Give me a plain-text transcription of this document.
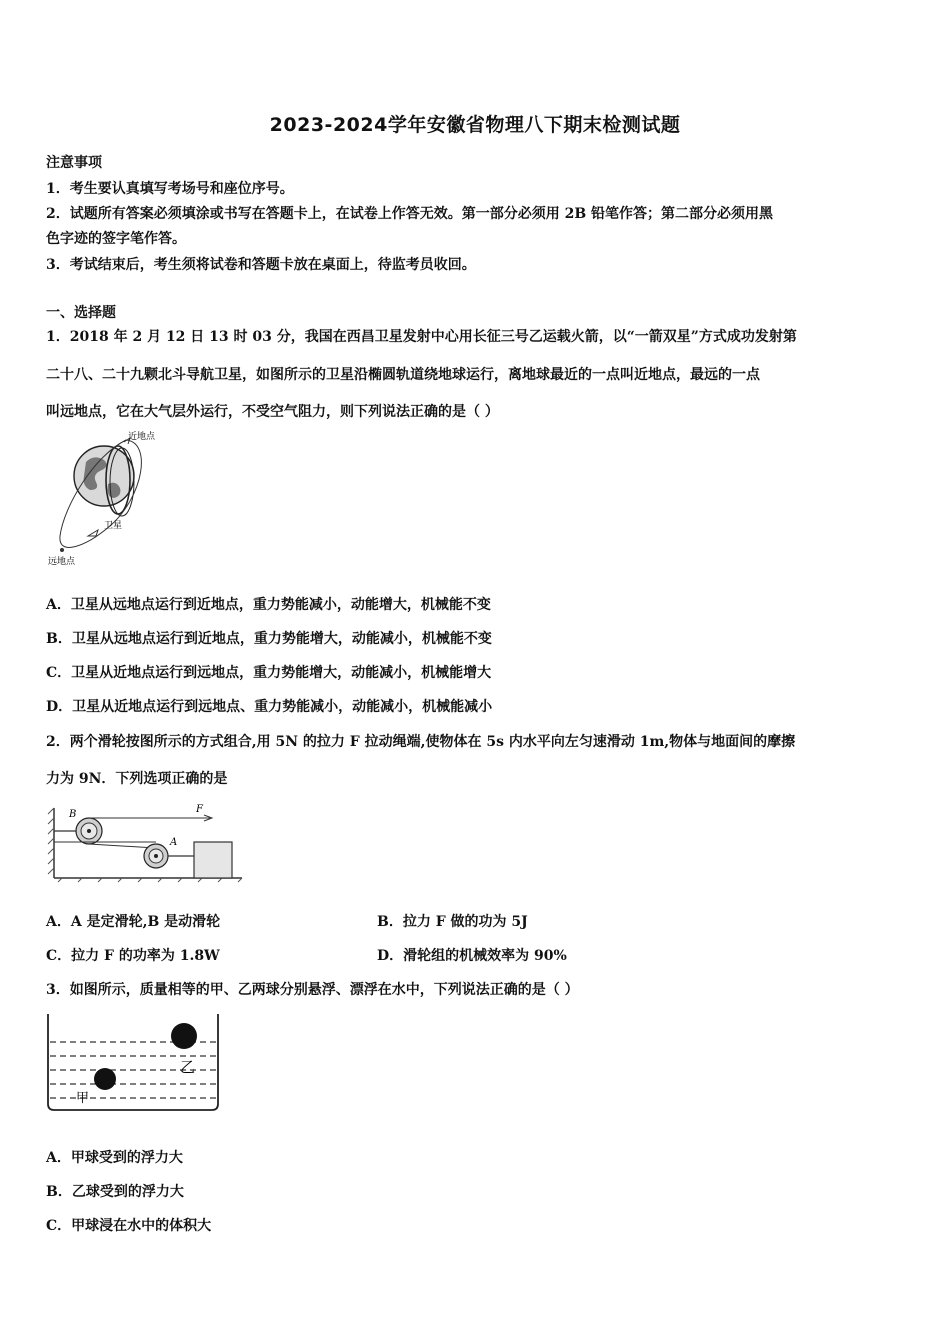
2023-2024学年安徽省物理八下期末检测试题
注意事项
1．考生要认真填写考场号和座位序号。
2．试题所有答案必须填涂或书写在答题卡上，在试卷上作答无效。第一部分必须用 2B 铅笔作答；第二部分必须用黑
色字迹的签字笔作答。
3．考试结束后，考生须将试卷和答题卡放在桌面上，待监考员收回。
一、选择题
1．2018 年 2 月 12 日 13 时 03 分，我国在西昌卫星发射中心用长征三号乙运载火箭，以“一箭双星”方式成功发射第
二十八、二十九颗北斗导航卫星，如图所示的卫星沿椭圆轨道绕地球运行，离地球最近的一点叫近地点，最远的一点
叫远地点，它在大气层外运行，不受空气阻力，则下列说法正确的是（ ）
近地点
卫星
远地点
A．卫星从远地点运行到近地点，重力势能减小，动能增大，机械能不变
B．卫星从远地点运行到近地点，重力势能增大，动能减小，机械能不变
C．卫星从近地点运行到远地点，重力势能增大，动能减小，机械能增大
D．卫星从近地点运行到远地点、重力势能减小，动能减小，机械能减小
2．两个滑轮按图所示的方式组合,用 5N 的拉力 F 拉动绳端,使物体在 5s 内水平向左匀速滑动 1m,物体与地面间的摩擦
力为 9N．下列选项正确的是
B
A
F
A．A 是定滑轮,B 是动滑轮	B．拉力 F 做的功为 5J
C．拉力 F 的功率为 1.8W	D．滑轮组的机械效率为 90%
3．如图所示，质量相等的甲、乙两球分别悬浮、漂浮在水中，下列说法正确的是（ ）
乙
甲
A．甲球受到的浮力大
B．乙球受到的浮力大
C．甲球浸在水中的体积大
